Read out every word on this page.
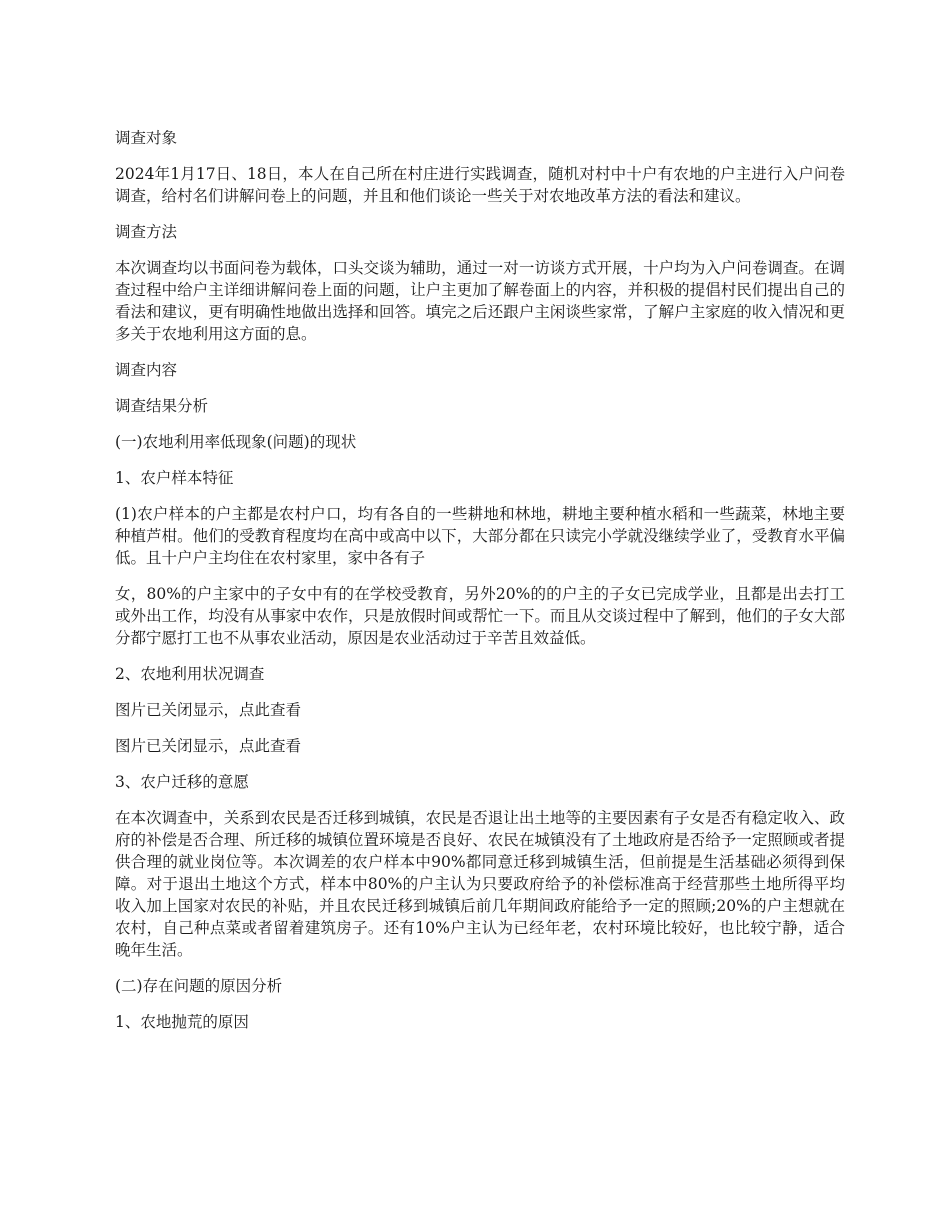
调查对象

2024年1月17日、18日，本人在自己所在村庄进行实践调查，随机对村中十户有农地的户主进行入户问卷调查，给村名们讲解问卷上的问题，并且和他们谈论一些关于对农地改革方法的看法和建议。

调查方法

本次调查均以书面问卷为载体，口头交谈为辅助，通过一对一访谈方式开展，十户均为入户问卷调查。在调查过程中给户主详细讲解问卷上面的问题，让户主更加了解卷面上的内容，并积极的提倡村民们提出自己的看法和建议，更有明确性地做出选择和回答。填完之后还跟户主闲谈些家常，了解户主家庭的收入情况和更多关于农地利用这方面的息。

调查内容

调查结果分析

(一)农地利用率低现象(问题)的现状

1、农户样本特征

(1)农户样本的户主都是农村户口，均有各自的一些耕地和林地，耕地主要种植水稻和一些蔬菜，林地主要种植芦柑。他们的受教育程度均在高中或高中以下，大部分都在只读完小学就没继续学业了，受教育水平偏低。且十户户主均住在农村家里，家中各有子

女，80%的户主家中的子女中有的在学校受教育，另外20%的的户主的子女已完成学业，且都是出去打工或外出工作，均没有从事家中农作，只是放假时间或帮忙一下。而且从交谈过程中了解到，他们的子女大部分都宁愿打工也不从事农业活动，原因是农业活动过于辛苦且效益低。

2、农地利用状况调查

图片已关闭显示，点此查看

图片已关闭显示，点此查看

3、农户迁移的意愿

在本次调查中，关系到农民是否迁移到城镇，农民是否退让出土地等的主要因素有子女是否有稳定收入、政府的补偿是否合理、所迁移的城镇位置环境是否良好、农民在城镇没有了土地政府是否给予一定照顾或者提供合理的就业岗位等。本次调差的农户样本中90%都同意迁移到城镇生活，但前提是生活基础必须得到保障。对于退出土地这个方式，样本中80%的户主认为只要政府给予的补偿标准高于经营那些土地所得平均收入加上国家对农民的补贴，并且农民迁移到城镇后前几年期间政府能给予一定的照顾;20%的户主想就在农村，自己种点菜或者留着建筑房子。还有10%户主认为已经年老，农村环境比较好，也比较宁静，适合晚年生活。

(二)存在问题的原因分析

1、农地抛荒的原因
